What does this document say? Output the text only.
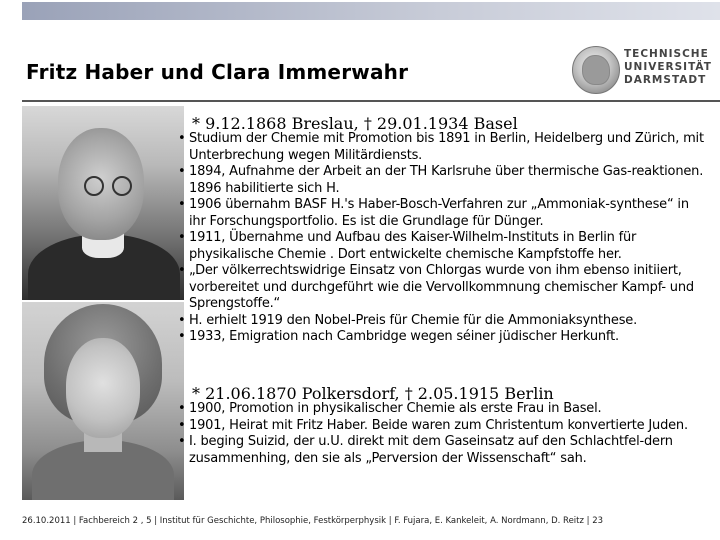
Fritz Haber und Clara Immerwahr
TECHNISCHE
UNIVERSITÄT
DARMSTADT
* 9.12.1868 Breslau, † 29.01.1934 Basel
• Studium der Chemie mit Promotion bis 1891 in Berlin, Heidelberg und Zürich, mit Unterbrechung wegen Militärdiensts.
• 1894, Aufnahme der Arbeit an der TH Karlsruhe über thermische Gas-reaktionen. 1896 habilitierte sich H.
• 1906 übernahm BASF H.'s Haber-Bosch-Verfahren zur „Ammoniak-synthese“ in ihr Forschungsportfolio. Es ist die Grundlage für Dünger.
• 1911, Übernahme und Aufbau des Kaiser-Wilhelm-Instituts in Berlin für physikalische Chemie . Dort entwickelte chemische Kampfstoffe her.
• „Der völkerrechtswidrige Einsatz von Chlorgas wurde von ihm ebenso initiiert, vorbereitet und durchgeführt wie die Vervollkommnung chemischer Kampf- und Sprengstoffe.“
• H. erhielt 1919 den Nobel-Preis für Chemie für die Ammoniaksynthese.
• 1933, Emigration nach Cambridge wegen séiner jüdischer Herkunft.
* 21.06.1870 Polkersdorf, † 2.05.1915 Berlin
• 1900, Promotion in physikalischer Chemie als erste Frau in Basel.
• 1901, Heirat mit Fritz Haber. Beide waren zum Christentum konvertierte Juden.
• I. beging Suizid, der u.U. direkt mit dem Gaseinsatz auf den Schlachtfel-dern zusammenhing, den sie als „Perversion der Wissenschaft“ sah.
26.10.2011 | Fachbereich 2 , 5 | Institut für Geschichte, Philosophie, Festkörperphysik | F. Fujara, E. Kankeleit, A. Nordmann, D. Reitz | 23
